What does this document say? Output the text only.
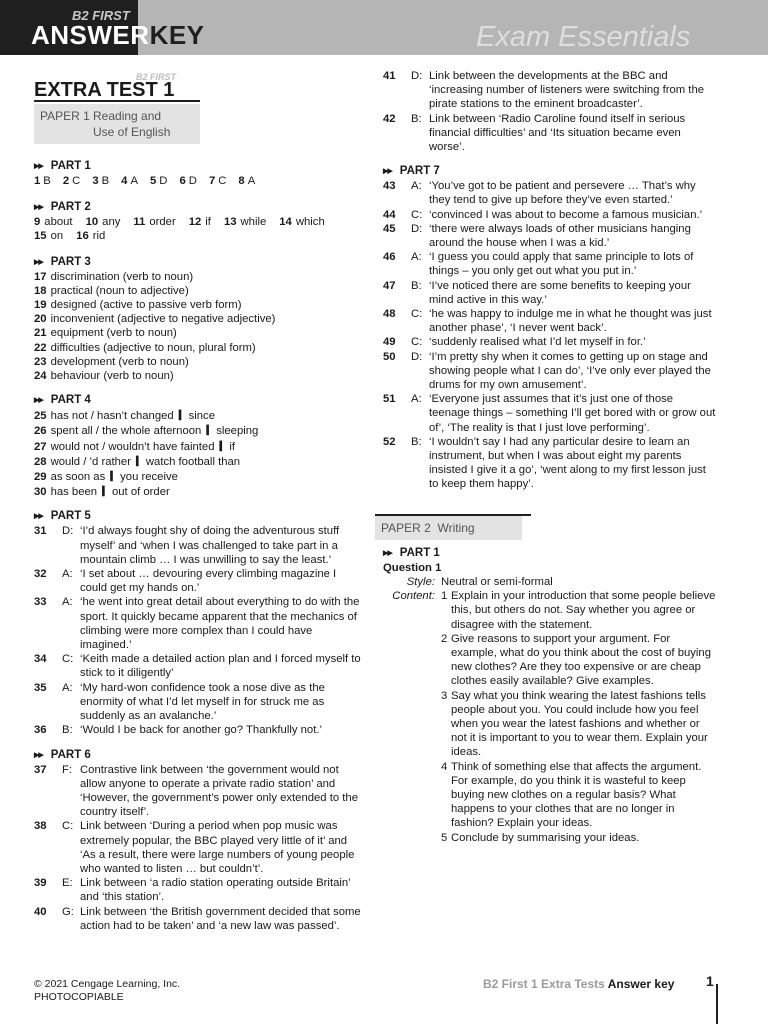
B2 FIRST
ANSWERKEY	Exam Essentials
B2 FIRST
EXTRA TEST 1
PAPER 1 Reading and
Use of English
▶▶ PART 1
1 B 2 C 3 B 4 A 5 D 6 D 7 C 8 A
▶▶ PART 2
9 about 10 any 11 order 12 if 13 while 14 which
15 on 16 rid
▶▶ PART 3
17 discrimination (verb to noun)
18 practical (noun to adjective)
19 designed (active to passive verb form)
20 inconvenient (adjective to negative adjective)
21 equipment (verb to noun)
22 difficulties (adjective to noun, plural form)
23 development (verb to noun)
24 behaviour (verb to noun)
▶▶ PART 4
25 has not / hasn’t changed ▍ since
26 spent all / the whole afternoon ▍ sleeping
27 would not / wouldn’t have fainted ▍ if
28 would / ’d rather ▍ watch football than
29 as soon as ▍ you receive
30 has been ▍ out of order
▶▶ PART 5
31	D: ‘I’d always fought shy of doing the adventurous stuff myself’ and ‘when I was challenged to take part in a mountain climb … I was unwilling to say the least.’
32	A: ‘I set about … devouring every climbing magazine I could get my hands on.’
33	A: ‘he went into great detail about everything to do with the sport. It quickly became apparent that the mechanics of climbing were more complex than I could have imagined.’
34	C: ‘Keith made a detailed action plan and I forced myself to stick to it diligently’
35	A: ‘My hard-won confidence took a nose dive as the enormity of what I’d let myself in for struck me as suddenly as an avalanche.’
36	B: ‘Would I be back for another go? Thankfully not.’
▶▶ PART 6
37	F: Contrastive link between ‘the government would not allow anyone to operate a private radio station’ and ‘However, the government’s power only extended to the country itself’.
38	C: Link between ‘During a period when pop music was extremely popular, the BBC played very little of it’ and ‘As a result, there were large numbers of young people who wanted to listen … but couldn’t’.
39	E: Link between ‘a radio station operating outside Britain’ and ‘this station’.
40	G: Link between ‘the British government decided that some action had to be taken’ and ‘a new law was passed’.
41	D: Link between the developments at the BBC and ‘increasing number of listeners were switching from the pirate stations to the eminent broadcaster’.
42	B: Link between ‘Radio Caroline found itself in serious financial difficulties’ and ‘Its situation became even worse’.
▶▶ PART 7
43	A: ‘You’ve got to be patient and persevere … That’s why they tend to give up before they’ve even started.’
44	C: ‘convinced I was about to become a famous musician.’
45	D: ‘there were always loads of other musicians hanging around the house when I was a kid.’
46	A: ‘I guess you could apply that same principle to lots of things – you only get out what you put in.’
47	B: ‘I’ve noticed there are some benefits to keeping your mind active in this way.’
48	C: ‘he was happy to indulge me in what he thought was just another phase’, ‘I never went back’.
49	C: ‘suddenly realised what I’d let myself in for.’
50	D: ‘I’m pretty shy when it comes to getting up on stage and showing people what I can do’, ‘I’ve only ever played the drums for my own amusement’.
51	A: ‘Everyone just assumes that it’s just one of those teenage things – something I’ll get bored with or grow out of’, ‘The reality is that I just love performing’.
52	B: ‘I wouldn’t say I had any particular desire to learn an instrument, but when I was about eight my parents insisted I give it a go’, ‘went along to my first lesson just to keep them happy’.
PAPER 2 Writing
▶▶ PART 1
Question 1
Style: Neutral or semi-formal
Content: 1 Explain in your introduction that some people believe this, but others do not. Say whether you agree or disagree with the statement.
2 Give reasons to support your argument. For example, what do you think about the cost of buying new clothes? Are they too expensive or are cheap clothes easily available? Give examples.
3 Say what you think wearing the latest fashions tells people about you. You could include how you feel when you wear the latest fashions and whether or not it is important to you to wear them. Explain your ideas.
4 Think of something else that affects the argument. For example, do you think it is wasteful to keep buying new clothes on a regular basis? What happens to your clothes that are no longer in fashion? Explain your ideas.
5 Conclude by summarising your ideas.
© 2021 Cengage Learning, Inc.
PHOTOCOPIABLE
B2 First 1 Extra Tests Answer key 1
